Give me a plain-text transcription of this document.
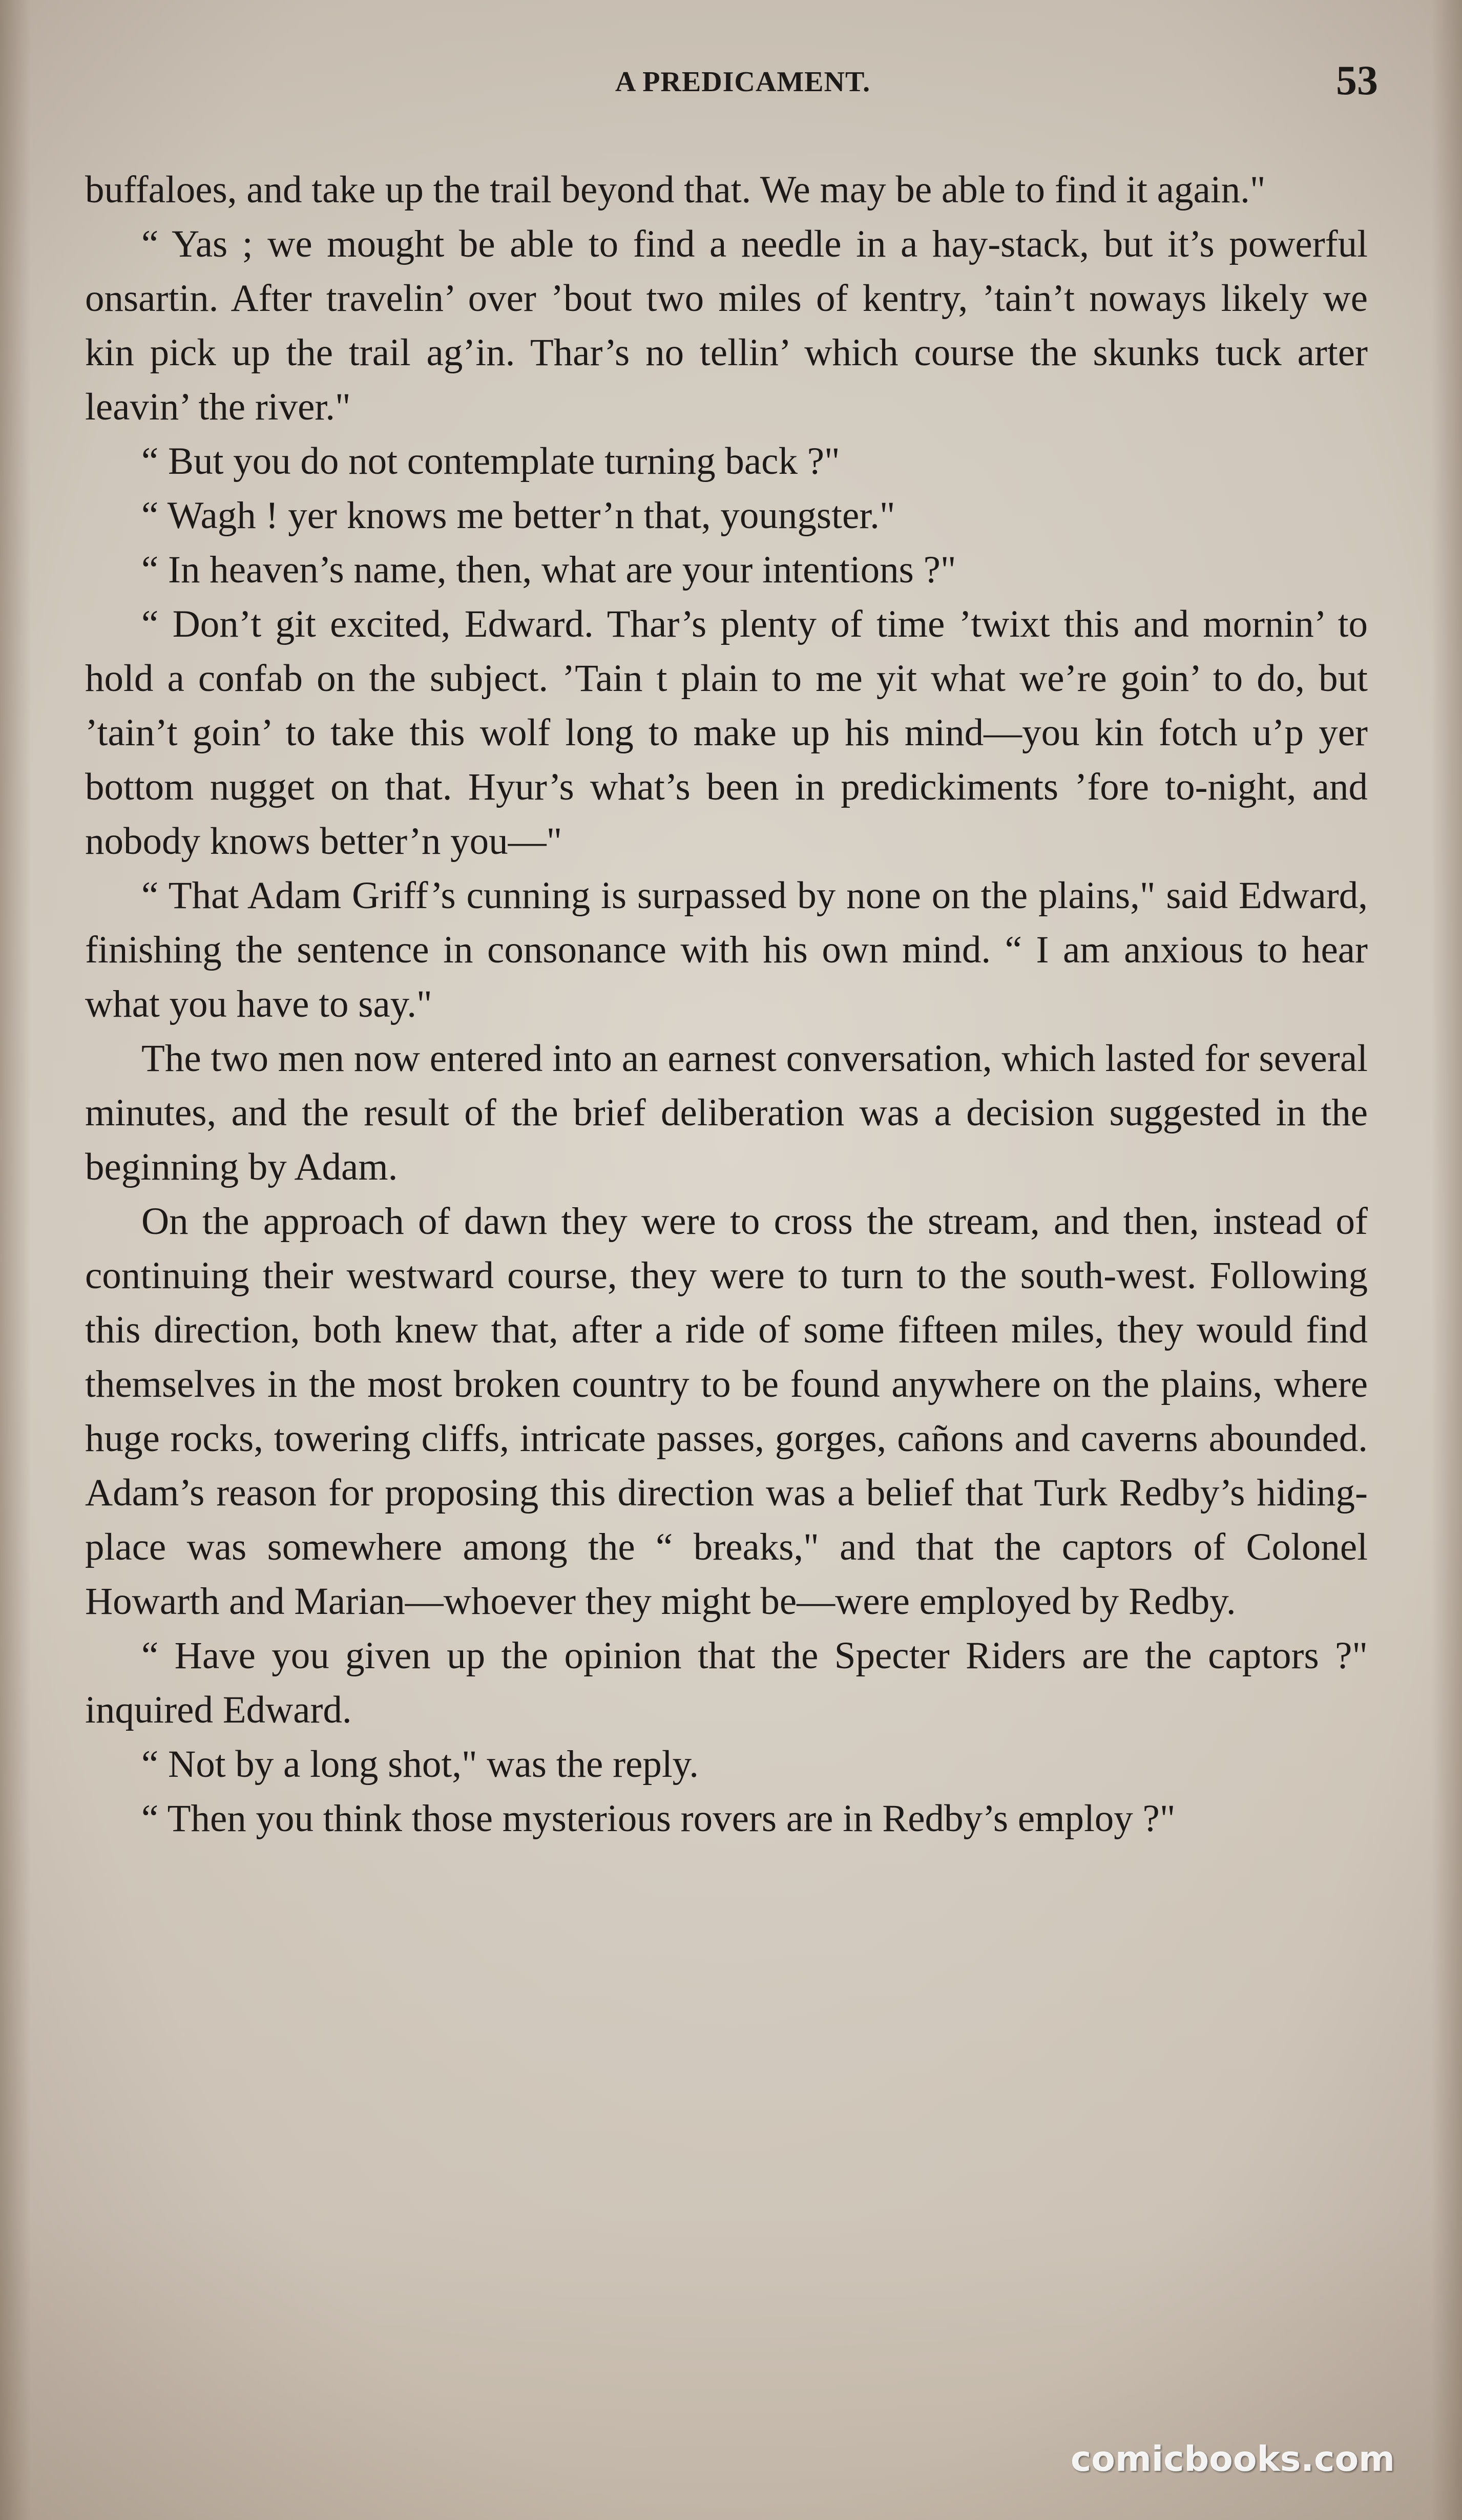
A PREDICAMENT.	53

buffaloes, and take up the trail beyond that. We may be able to find it again."

“ Yas ; we mought be able to find a needle in a hay-stack, but it’s powerful onsartin. After travelin’ over ’bout two miles of kentry, ’tain’t noways likely we kin pick up the trail ag’in. Thar’s no tellin’ which course the skunks tuck arter leavin’ the river."

“ But you do not contemplate turning back ?"

“ Wagh ! yer knows me better’n that, youngster."

“ In heaven’s name, then, what are your intentions ?"

“ Don’t git excited, Edward. Thar’s plenty of time ’twixt this and mornin’ to hold a confab on the subject. ’Tain t plain to me yit what we’re goin’ to do, but ’tain’t goin’ to take this wolf long to make up his mind—you kin fotch u’p yer bottom nugget on that. Hyur’s what’s been in predickiments ’fore to-night, and nobody knows better’n you—"

“ That Adam Griff’s cunning is surpassed by none on the plains," said Edward, finishing the sentence in consonance with his own mind. “ I am anxious to hear what you have to say."

The two men now entered into an earnest conversation, which lasted for several minutes, and the result of the brief deliberation was a decision suggested in the beginning by Adam.

On the approach of dawn they were to cross the stream, and then, instead of continuing their westward course, they were to turn to the south-west. Following this direction, both knew that, after a ride of some fifteen miles, they would find themselves in the most broken country to be found anywhere on the plains, where huge rocks, towering cliffs, intricate passes, gorges, cañons and caverns abounded. Adam’s reason for proposing this direction was a belief that Turk Redby’s hiding-place was somewhere among the “ breaks," and that the captors of Colonel Howarth and Marian—whoever they might be—were employed by Redby.

“ Have you given up the opinion that the Specter Riders are the captors ?" inquired Edward.

“ Not by a long shot," was the reply.

“ Then you think those mysterious rovers are in Redby’s employ ?"

comicbooks.com
